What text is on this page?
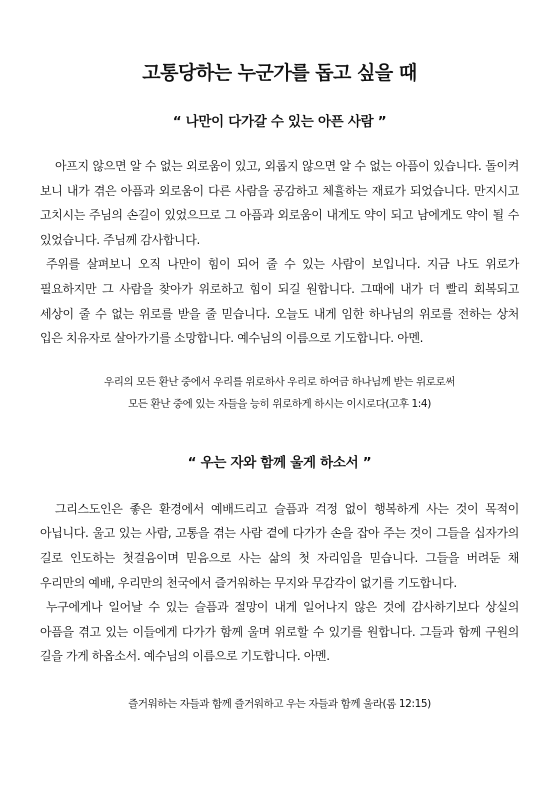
고통당하는 누군가를 돕고 싶을 때
“ 나만이 다가갈 수 있는 아픈 사람 ”

아프지 않으면 알 수 없는 외로움이 있고, 외롭지 않으면 알 수 없는 아픔이 있습니다. 돌이켜 보니 내가 겪은 아픔과 외로움이 다른 사람을 공감하고 체휼하는 재료가 되었습니다. 만지시고 고치시는 주님의 손길이 있었으므로 그 아픔과 외로움이 내게도 약이 되고 남에게도 약이 될 수 있었습니다. 주님께 감사합니다.

주위를 살펴보니 오직 나만이 힘이 되어 줄 수 있는 사람이 보입니다. 지금 나도 위로가 필요하지만 그 사람을 찾아가 위로하고 힘이 되길 원합니다. 그때에 내가 더 빨리 회복되고 세상이 줄 수 없는 위로를 받을 줄 믿습니다. 오늘도 내게 임한 하나님의 위로를 전하는 상처 입은 치유자로 살아가기를 소망합니다. 예수님의 이름으로 기도합니다. 아멘.

우리의 모든 환난 중에서 우리를 위로하사 우리로 하여금 하나님께 받는 위로로써

모든 환난 중에 있는 자들을 능히 위로하게 하시는 이시로다(고후 1:4)

“ 우는 자와 함께 울게 하소서 ”

그리스도인은 좋은 환경에서 예배드리고 슬픔과 걱정 없이 행복하게 사는 것이 목적이 아닙니다. 울고 있는 사람, 고통을 겪는 사람 곁에 다가가 손을 잡아 주는 것이 그들을 십자가의 길로 인도하는 첫걸음이며 믿음으로 사는 삶의 첫 자리임을 믿습니다. 그들을 버려둔 채 우리만의 예배, 우리만의 천국에서 즐거워하는 무지와 무감각이 없기를 기도합니다.

누구에게나 일어날 수 있는 슬픔과 절망이 내게 일어나지 않은 것에 감사하기보다 상실의 아픔을 겪고 있는 이들에게 다가가 함께 울며 위로할 수 있기를 원합니다. 그들과 함께 구원의 길을 가게 하옵소서. 예수님의 이름으로 기도합니다. 아멘.

즐거워하는 자들과 함께 즐거워하고 우는 자들과 함께 울라(롬 12:15)
